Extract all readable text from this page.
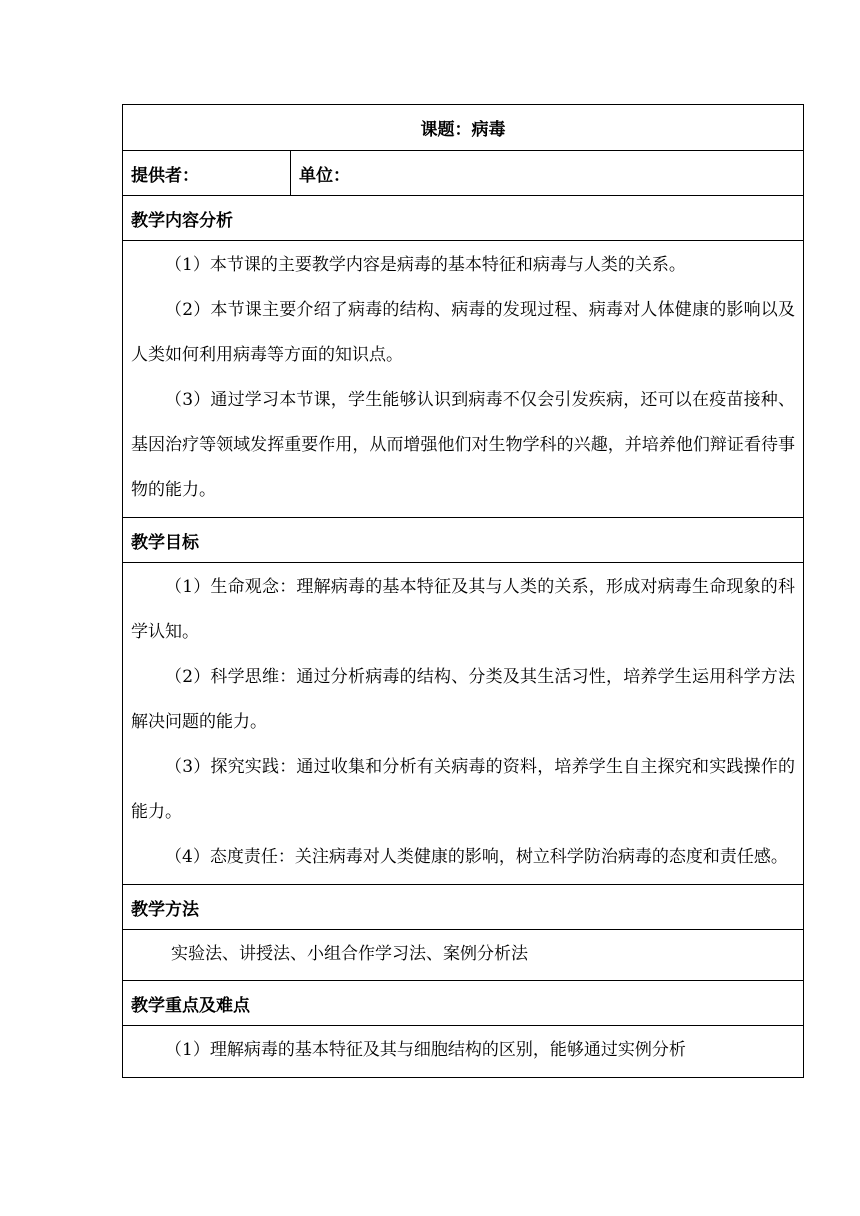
课题：病毒
提供者：	单位：
教学内容分析

（1）本节课的主要教学内容是病毒的基本特征和病毒与人类的关系。

（2）本节课主要介绍了病毒的结构、病毒的发现过程、病毒对人体健康的影响以及人类如何利用病毒等方面的知识点。

（3）通过学习本节课，学生能够认识到病毒不仅会引发疾病，还可以在疫苗接种、基因治疗等领域发挥重要作用，从而增强他们对生物学科的兴趣，并培养他们辩证看待事物的能力。

教学目标

（1）生命观念：理解病毒的基本特征及其与人类的关系，形成对病毒生命现象的科学认知。

（2）科学思维：通过分析病毒的结构、分类及其生活习性，培养学生运用科学方法解决问题的能力。

（3）探究实践：通过收集和分析有关病毒的资料，培养学生自主探究和实践操作的能力。

（4）态度责任：关注病毒对人类健康的影响，树立科学防治病毒的态度和责任感。

教学方法

实验法、讲授法、小组合作学习法、案例分析法

教学重点及难点

（1）理解病毒的基本特征及其与细胞结构的区别，能够通过实例分析
